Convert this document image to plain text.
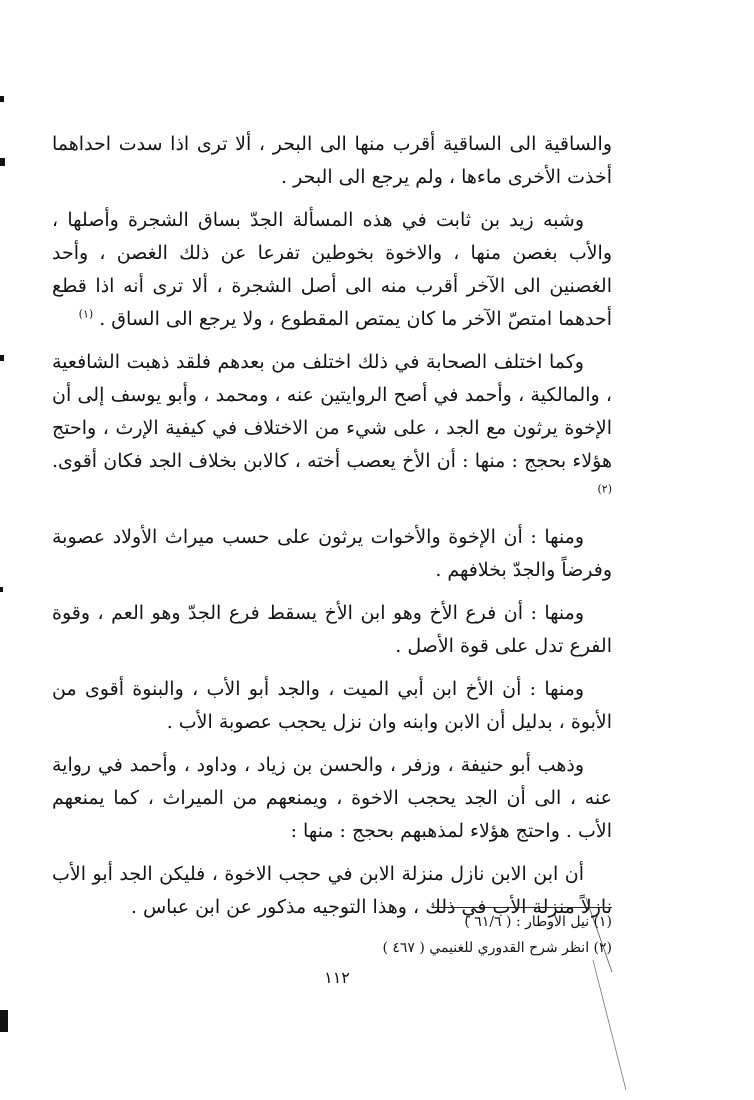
والساقية الى الساقية أقرب منها الى البحر ، ألا ترى اذا سدت احداهما أخذت الأخرى ماءها ، ولم يرجع الى البحر .

وشبه زيد بن ثابت في هذه المسألة الجدّ بساق الشجرة وأصلها ، والأب بغصن منها ، والاخوة بخوطين تفرعا عن ذلك الغصن ، وأحد الغصنين الى الآخر أقرب منه الى أصل الشجرة ، ألا ترى أنه اذا قطع أحدهما امتصّ الآخر ما كان يمتص المقطوع ، ولا يرجع الى الساق . $^{(١)}$

وكما اختلف الصحابة في ذلك اختلف من بعدهم فلقد ذهبت الشافعية ، والمالكية ، وأحمد في أصح الروايتين عنه ، ومحمد ، وأبو يوسف إلى أن الإخوة يرثون مع الجد ، على شيء من الاختلاف في كيفية الإرث ، واحتج هؤلاء بحجج : منها : أن الأخ يعصب أخته ، كالابن بخلاف الجد فكان أقوى. $^{(٢)}$

ومنها : أن الإخوة والأخوات يرثون على حسب ميراث الأولاد عصوبة وفرضاً والجدّ بخلافهم .

ومنها : أن فرع الأخ وهو ابن الأخ يسقط فرع الجدّ وهو العم ، وقوة الفرع تدل على قوة الأصل .

ومنها : أن الأخ ابن أبي الميت ، والجد أبو الأب ، والبنوة أقوى من الأبوة ، بدليل أن الابن وابنه وان نزل يحجب عصوبة الأب .

وذهب أبو حنيفة ، وزفر ، والحسن بن زياد ، وداود ، وأحمد في رواية عنه ، الى أن الجد يحجب الاخوة ، ويمنعهم من الميراث ، كما يمنعهم الأب . واحتج هؤلاء لمذهبهم بحجج : منها :

أن ابن الابن نازل منزلة الابن في حجب الاخوة ، فليكن الجد أبو الأب نازلاً منزلة الأب في ذلك ، وهذا التوجيه مذكور عن ابن عباس .

(١) نيل الأوطار : ( ٦١/٦ )

(٢) انظر شرح القدوري للغنيمي ( ٤٦٧ )

١١٢
